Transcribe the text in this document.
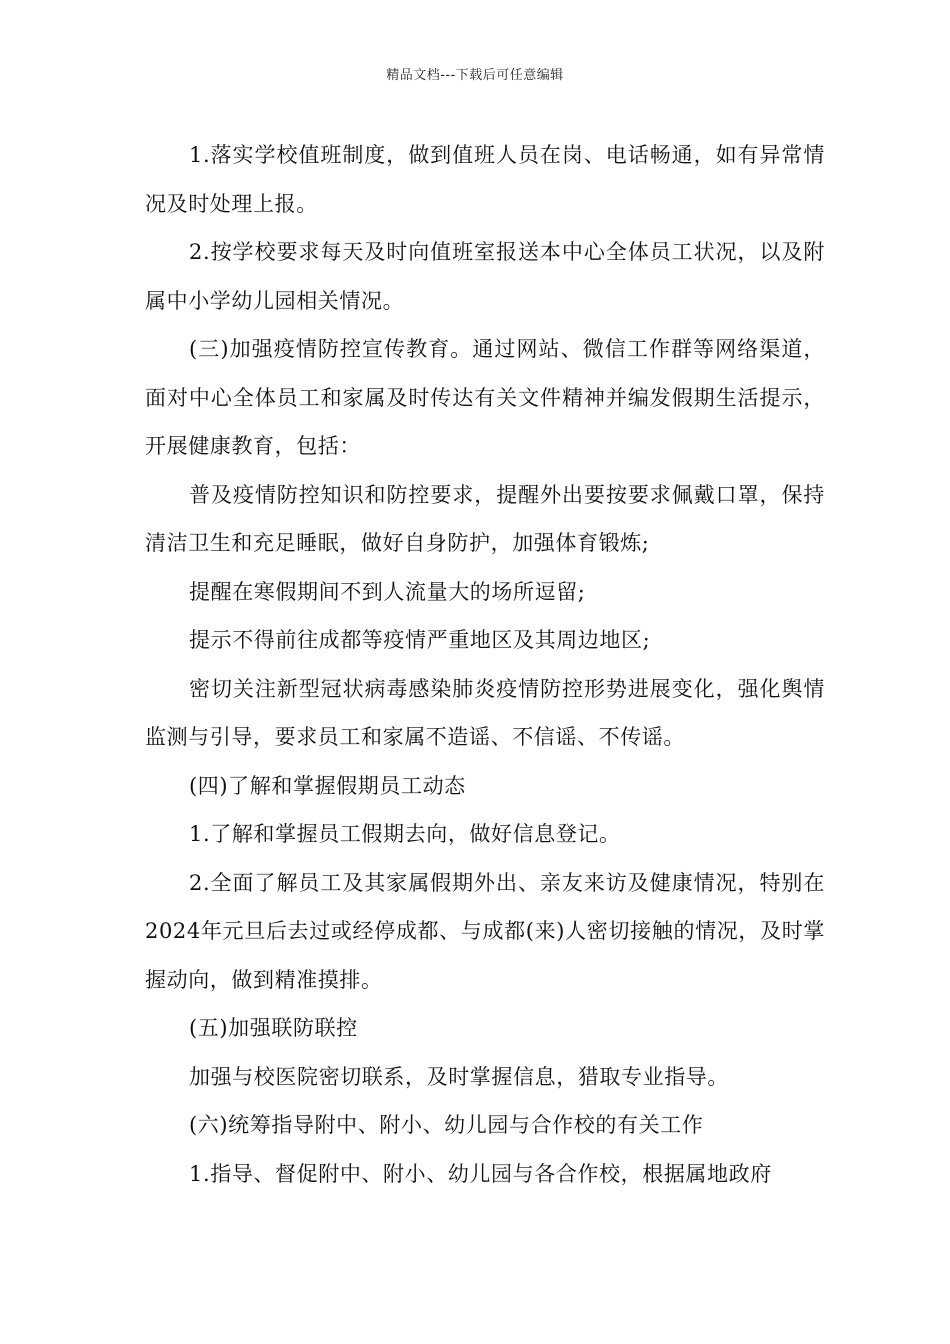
精品文档---下载后可任意编辑

1.落实学校值班制度，做到值班人员在岗、电话畅通，如有异常情况及时处理上报。

2.按学校要求每天及时向值班室报送本中心全体员工状况，以及附属中小学幼儿园相关情况。

(三)加强疫情防控宣传教育。通过网站、微信工作群等网络渠道，面对中心全体员工和家属及时传达有关文件精神并编发假期生活提示，开展健康教育，包括：

普及疫情防控知识和防控要求，提醒外出要按要求佩戴口罩，保持清洁卫生和充足睡眠，做好自身防护，加强体育锻炼;

提醒在寒假期间不到人流量大的场所逗留;

提示不得前往成都等疫情严重地区及其周边地区;

密切关注新型冠状病毒感染肺炎疫情防控形势进展变化，强化舆情监测与引导，要求员工和家属不造谣、不信谣、不传谣。

(四)了解和掌握假期员工动态

1.了解和掌握员工假期去向，做好信息登记。

2.全面了解员工及其家属假期外出、亲友来访及健康情况，特别在2024年元旦后去过或经停成都、与成都(来)人密切接触的情况，及时掌握动向，做到精准摸排。

(五)加强联防联控

加强与校医院密切联系，及时掌握信息，猎取专业指导。

(六)统筹指导附中、附小、幼儿园与合作校的有关工作

1.指导、督促附中、附小、幼儿园与各合作校，根据属地政府
